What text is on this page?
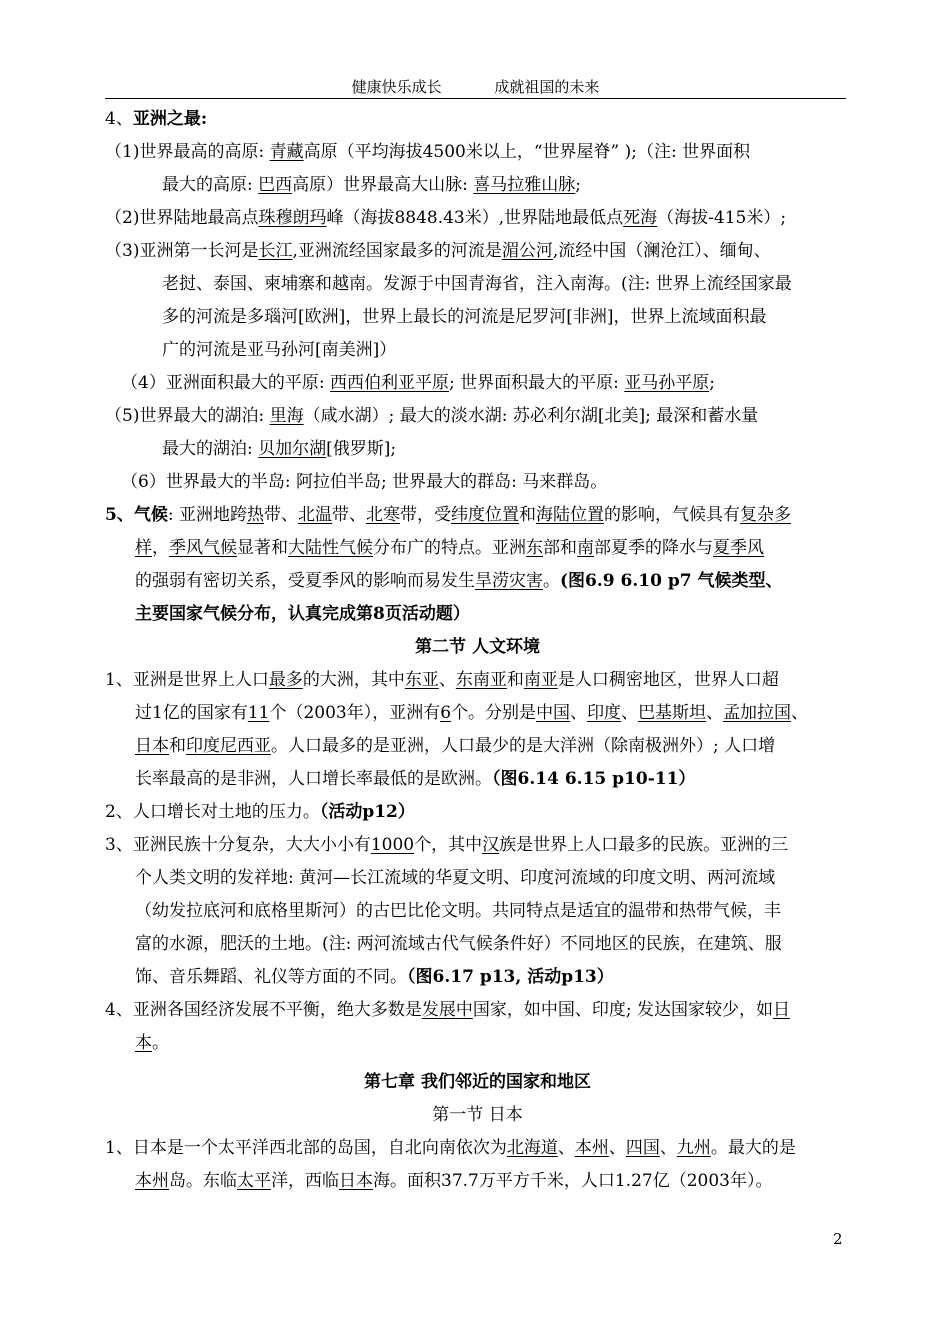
健康快乐成长	成就祖国的未来
4、亚洲之最:
（1)世界最高的高原: 青藏高原（平均海拔4500米以上，“世界屋脊” );（注: 世界面积
最大的高原: 巴西高原）世界最高大山脉: 喜马拉雅山脉;
（2)世界陆地最高点珠穆朗玛峰（海拔8848.43米）,世界陆地最低点死海（海拔-415米）;
（3)亚洲第一长河是长江,亚洲流经国家最多的河流是湄公河,流经中国（澜沧江）、缅甸、
老挝、泰国、柬埔寨和越南。发源于中国青海省，注入南海。(注: 世界上流经国家最
多的河流是多瑙河[欧洲]，世界上最长的河流是尼罗河[非洲]，世界上流域面积最
广的河流是亚马孙河[南美洲]）
（4）亚洲面积最大的平原: 西西伯利亚平原; 世界面积最大的平原: 亚马孙平原;
（5)世界最大的湖泊: 里海（咸水湖）; 最大的淡水湖: 苏必利尔湖[北美]; 最深和蓄水量
最大的湖泊: 贝加尔湖[俄罗斯];
（6）世界最大的半岛: 阿拉伯半岛; 世界最大的群岛: 马来群岛。
5、气候: 亚洲地跨热带、北温带、北寒带，受纬度位置和海陆位置的影响，气候具有复杂多
样，季风气候显著和大陆性气候分布广的特点。亚洲东部和南部夏季的降水与夏季风
的强弱有密切关系，受夏季风的影响而易发生旱涝灾害。(图6.9 6.10 p7 气候类型、
主要国家气候分布，认真完成第8页活动题）
第二节 人文环境
1、亚洲是世界上人口最多的大洲，其中东亚、东南亚和南亚是人口稠密地区，世界人口超
过1亿的国家有11个（2003年），亚洲有6个。分别是中国、印度、巴基斯坦、孟加拉国、
日本和印度尼西亚。人口最多的是亚洲，人口最少的是大洋洲（除南极洲外）; 人口增
长率最高的是非洲，人口增长率最低的是欧洲。（图6.14 6.15 p10-11）
2、人口增长对土地的压力。（活动p12）
3、亚洲民族十分复杂，大大小小有1000个，其中汉族是世界上人口最多的民族。亚洲的三
个人类文明的发祥地: 黄河—长江流域的华夏文明、印度河流域的印度文明、两河流域
（幼发拉底河和底格里斯河）的古巴比伦文明。共同特点是适宜的温带和热带气候，丰
富的水源，肥沃的土地。(注: 两河流域古代气候条件好）不同地区的民族，在建筑、服
饰、音乐舞蹈、礼仪等方面的不同。（图6.17 p13, 活动p13）
4、亚洲各国经济发展不平衡，绝大多数是发展中国家，如中国、印度; 发达国家较少，如日
本。
第七章 我们邻近的国家和地区
第一节 日本
1、日本是一个太平洋西北部的岛国，自北向南依次为北海道、本州、四国、九州。最大的是
本州岛。东临太平洋，西临日本海。面积37.7万平方千米，人口1.27亿（2003年）。
2
